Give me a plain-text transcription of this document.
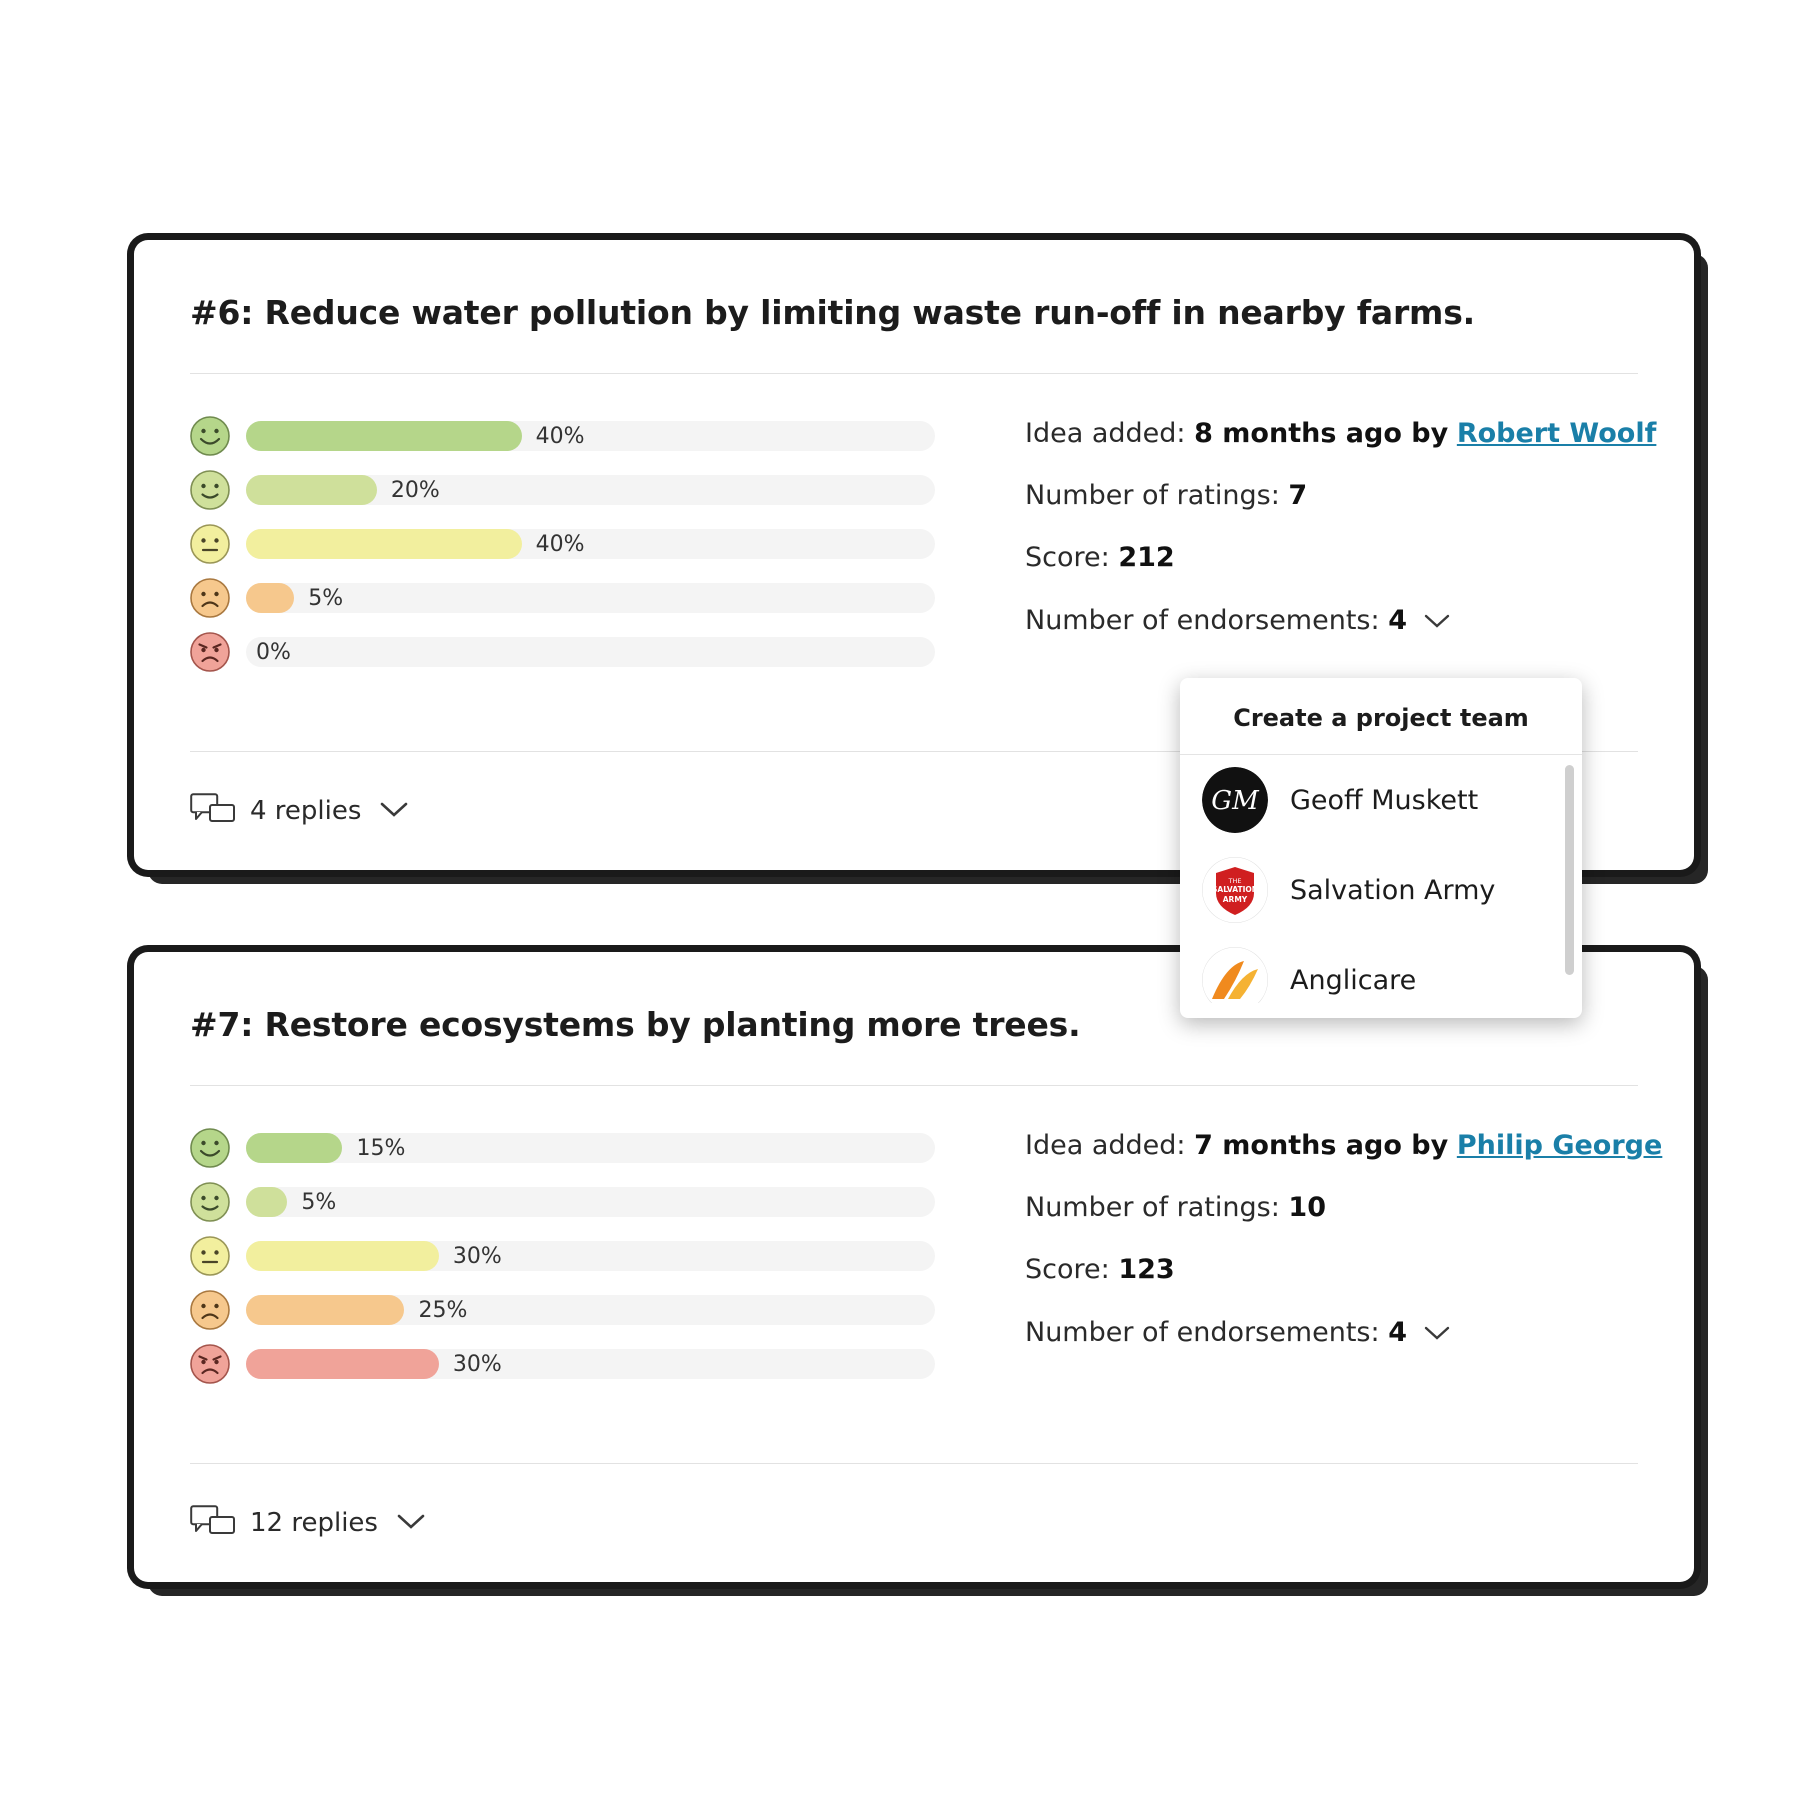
#6: Reduce water pollution by limiting waste run-off in nearby farms.
40%
20%
40%
5%
0%
Idea added: 8 months ago by Robert Woolf
Number of ratings: 7
Score: 212
Number of endorsements: 4
4 replies
#7: Restore ecosystems by planting more trees.
15%
5%
30%
25%
30%
Idea added: 7 months ago by Philip George
Number of ratings: 10
Score: 123
Number of endorsements: 4
12 replies
Create a project team
GM Geoff Muskett
THE
SALVATION
ARMY Salvation Army
Anglicare
